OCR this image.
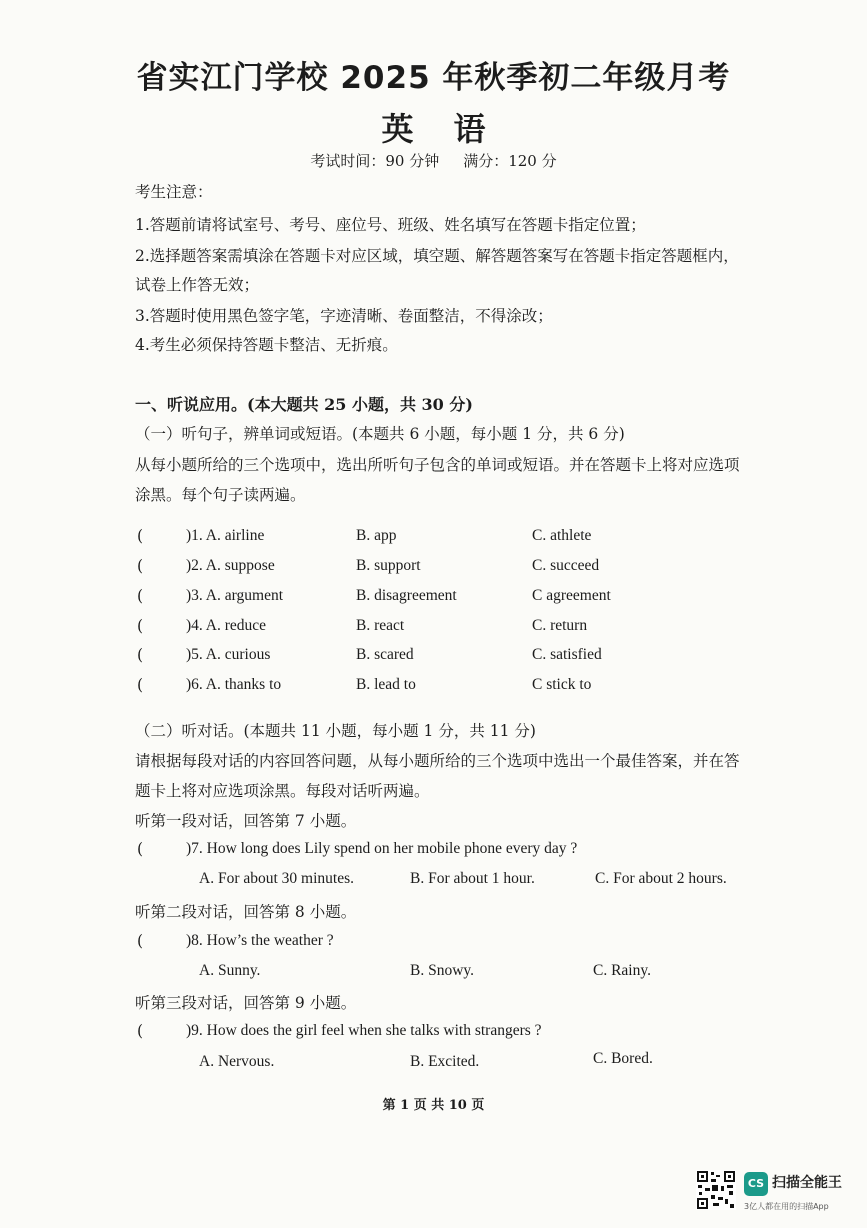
省实江门学校 2025 年秋季初二年级月考
英语
考试时间：90 分钟 满分：120 分
考生注意：
1.答题前请将试室号、考号、座位号、班级、姓名填写在答题卡指定位置；
2.选择题答案需填涂在答题卡对应区域，填空题、解答题答案写在答题卡指定答题框内，
试卷上作答无效；
3.答题时使用黑色签字笔，字迹清晰、卷面整洁，不得涂改；
4.考生必须保持答题卡整洁、无折痕。
一、听说应用。(本大题共 25 小题，共 30 分)
（一）听句子，辨单词或短语。(本题共 6 小题，每小题 1 分，共 6 分)
从每小题所给的三个选项中，选出所听句子包含的单词或短语。并在答题卡上将对应选项
涂黑。每个句子读两遍。
(	)1. A. airline	B. app	C. athlete
(	)2. A. suppose	B. support	C. succeed
(	)3. A. argument	B. disagreement	C agreement
(	)4. A. reduce	B. react	C. return
(	)5. A. curious	B. scared	C. satisfied
(	)6. A. thanks to	B. lead to	C stick to
（二）听对话。(本题共 11 小题，每小题 1 分，共 11 分)
请根据每段对话的内容回答问题，从每小题所给的三个选项中选出一个最佳答案，并在答
题卡上将对应选项涂黑。每段对话听两遍。
听第一段对话，回答第 7 小题。
(	)7. How long does Lily spend on her mobile phone every day ?
A. For about 30 minutes.	B. For about 1 hour.	C. For about 2 hours.
听第二段对话，回答第 8 小题。
(	)8. How’s the weather ?
A. Sunny.	B. Snowy.	C. Rainy.
听第三段对话，回答第 9 小题。
(	)9. How does the girl feel when she talks with strangers ?
A. Nervous.	B. Excited.	C. Bored.
第 1 页 共 10 页
CS 扫描全能王
3亿人都在用的扫描App
